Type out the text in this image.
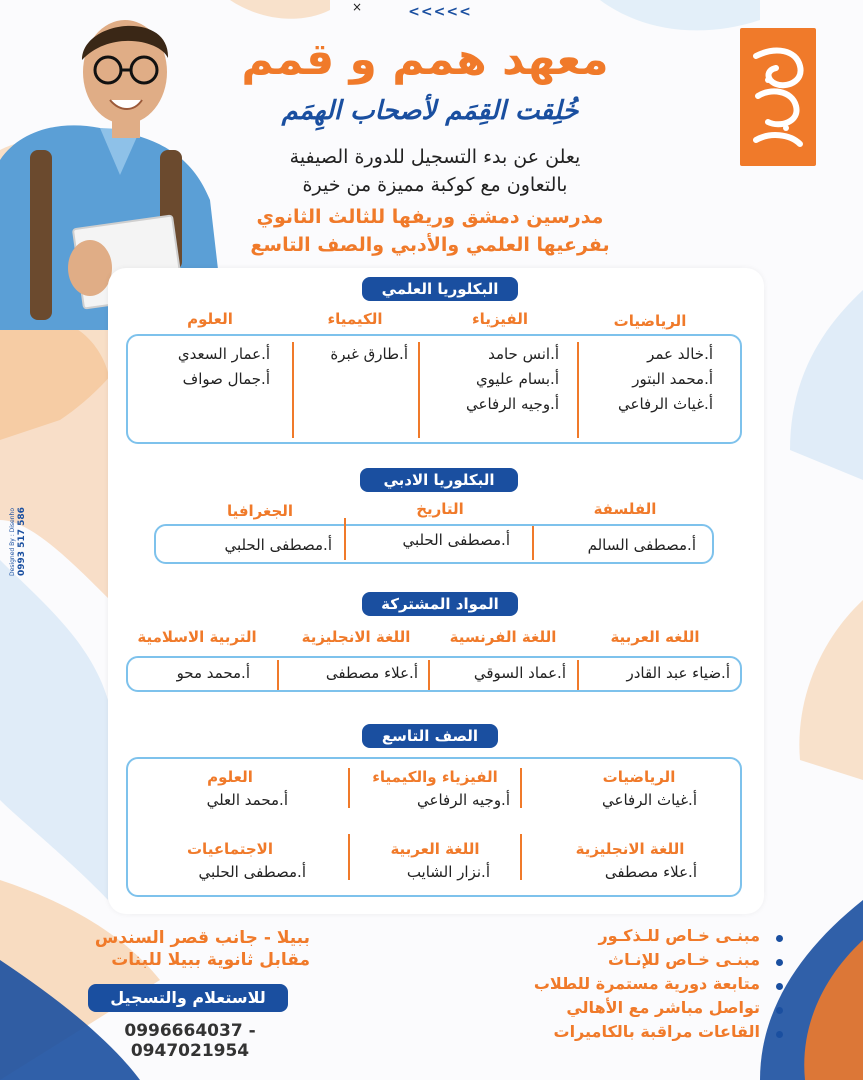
×	<<<<<
معهد همم و قمم
خُلِقت القِمَم لأصحاب الهِمَم
يعلن عن بدء التسجيل للدورة الصيفية
بالتعاون مع كوكبة مميزة من خيرة
مدرسين دمشق وريفها للثالث الثانوي
بفرعيها العلمي والأدبي والصف التاسع
البكلوريا العلمي
الرياضيات
الفيزياء
الكيمياء
العلوم
أ.خالد عمر
أ.محمد البتور
أ.غياث الرفاعي
أ.انس حامد
أ.بسام عليوي
أ.وجيه الرفاعي
أ.طارق غبرة
أ.عمار السعدي
أ.جمال صواف
البكلوريا الادبي
الفلسفة
التاريخ
الجغرافيا
أ.مصطفى السالم
أ.مصطفى الحلبي
أ.مصطفى الحلبي
المواد المشتركة
اللغه العربية
اللغة الفرنسية
اللغة الانجليزية
التربية الاسلامية
أ.ضياء عبد القادر
أ.عماد السوقي
أ.علاء مصطفى
أ.محمد محو
الصف التاسع
الرياضيات
الفيزياء والكيمياء
العلوم
أ.غياث الرفاعي
أ.وجيه الرفاعي
أ.محمد العلي
اللغة الانجليزية
اللغة العربية
الاجتماعيات
أ.علاء مصطفى
أ.نزار الشايب
أ.مصطفى الحلبي
ببيلا - جانب قصر السندس
مقابل ثانوية ببيلا للبنات
للاستعلام والتسجيل
0996664037 - 0947021954
مبنـى خـاص للـذكـور
مبنـى خـاص للإنـاث
متابعة دورية مستمرة للطلاب
تواصل مباشر مع الأهالي
القاعات مراقبة بالكاميرات
Designed By : Disenho 0993 517 586
